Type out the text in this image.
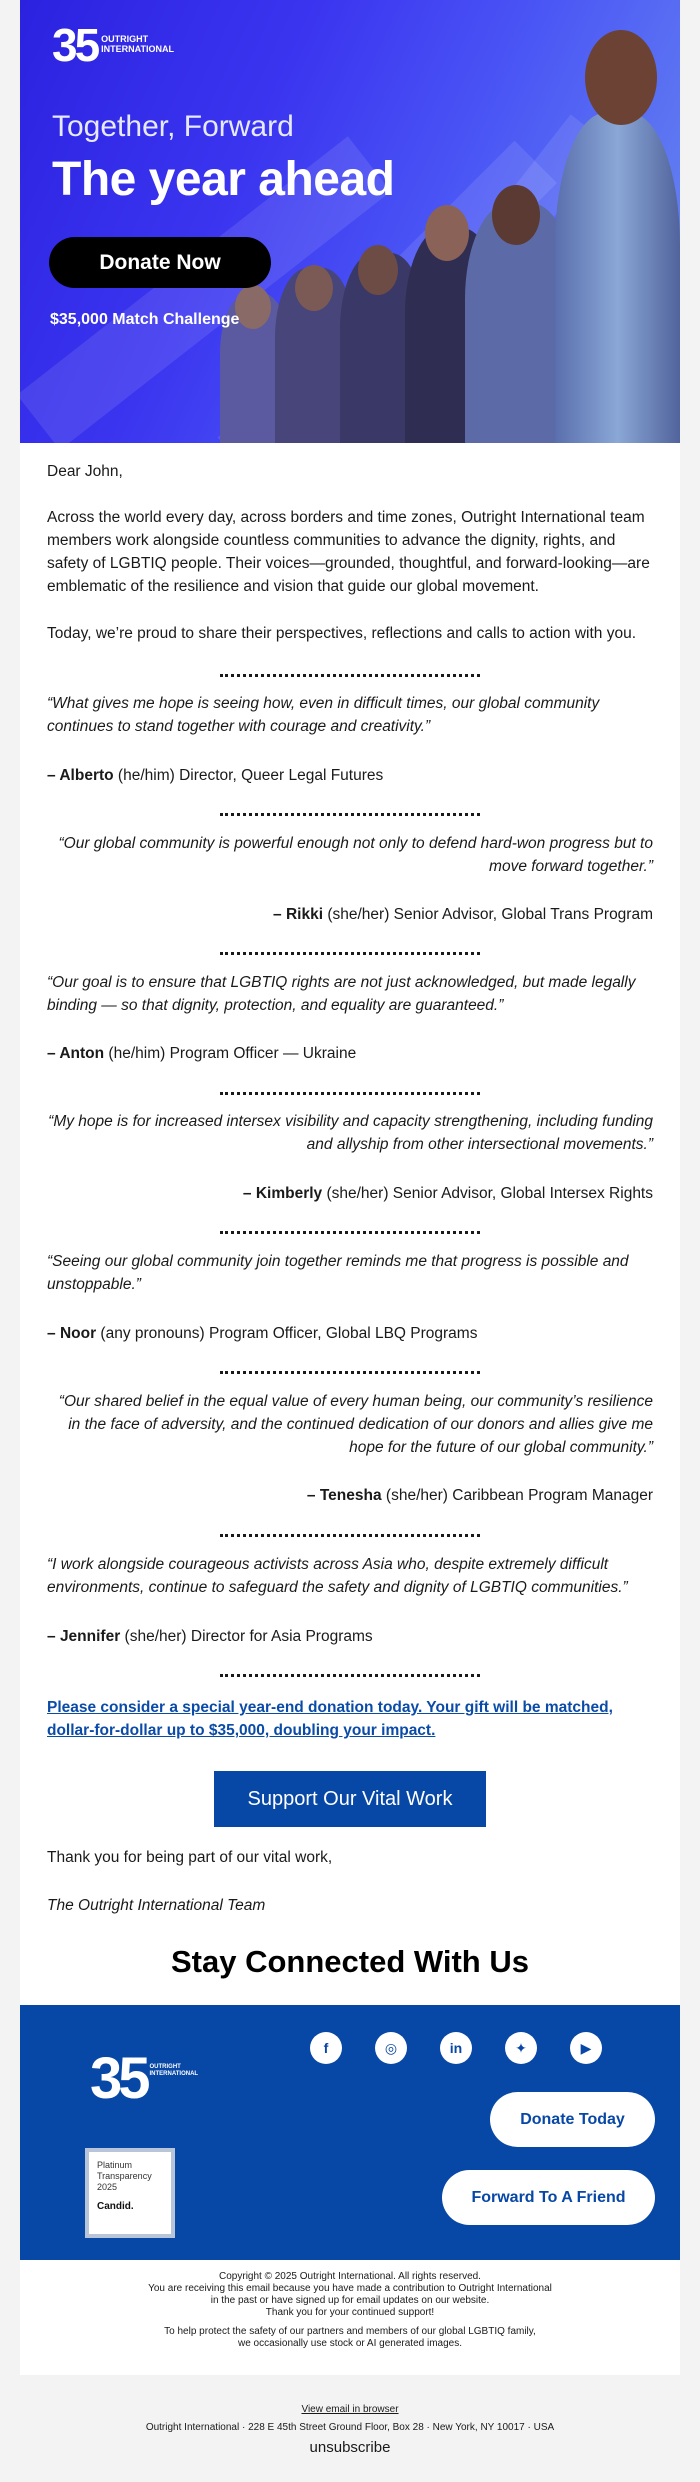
35 OUTRIGHT INTERNATIONAL
Together, Forward
The year ahead
Donate Now
$35,000 Match Challenge
Dear John,
Across the world every day, across borders and time zones, Outright International team members work alongside countless communities to advance the dignity, rights, and safety of LGBTIQ people. Their voices—grounded, thoughtful, and forward-looking—are emblematic of the resilience and vision that guide our global movement.
Today, we’re proud to share their perspectives, reflections and calls to action with you.
“What gives me hope is seeing how, even in difficult times, our global community continues to stand together with courage and creativity.”
– Alberto (he/him) Director, Queer Legal Futures
“Our global community is powerful enough not only to defend hard-won progress but to move forward together.”
– Rikki (she/her) Senior Advisor, Global Trans Program
“Our goal is to ensure that LGBTIQ rights are not just acknowledged, but made legally binding — so that dignity, protection, and equality are guaranteed.”
– Anton (he/him) Program Officer — Ukraine
“My hope is for increased intersex visibility and capacity strengthening, including funding and allyship from other intersectional movements.”
– Kimberly (she/her) Senior Advisor, Global Intersex Rights
“Seeing our global community join together reminds me that progress is possible and unstoppable.”
– Noor (any pronouns) Program Officer, Global LBQ Programs
“Our shared belief in the equal value of every human being, our community’s resilience in the face of adversity, and the continued dedication of our donors and allies give me hope for the future of our global community.”
– Tenesha (she/her) Caribbean Program Manager
“I work alongside courageous activists across Asia who, despite extremely difficult environments, continue to safeguard the safety and dignity of LGBTIQ communities.”
– Jennifer (she/her) Director for Asia Programs
Please consider a special year-end donation today. Your gift will be matched, dollar-for-dollar up to $35,000, doubling your impact.
Support Our Vital Work
Thank you for being part of our vital work,
The Outright International Team
Stay Connected With Us
35 OUTRIGHT INTERNATIONAL
Platinum
Transparency
2025
Candid.
f	◎	in	✦	▶
Donate Today
Forward To A Friend
Copyright © 2025 Outright International. All rights reserved.
You are receiving this email because you have made a contribution to Outright International
in the past or have signed up for email updates on our website.
Thank you for your continued support!
To help protect the safety of our partners and members of our global LGBTIQ family,
we occasionally use stock or AI generated images.
View email in browser
Outright International · 228 E 45th Street Ground Floor, Box 28 · New York, NY 10017 · USA
unsubscribe
